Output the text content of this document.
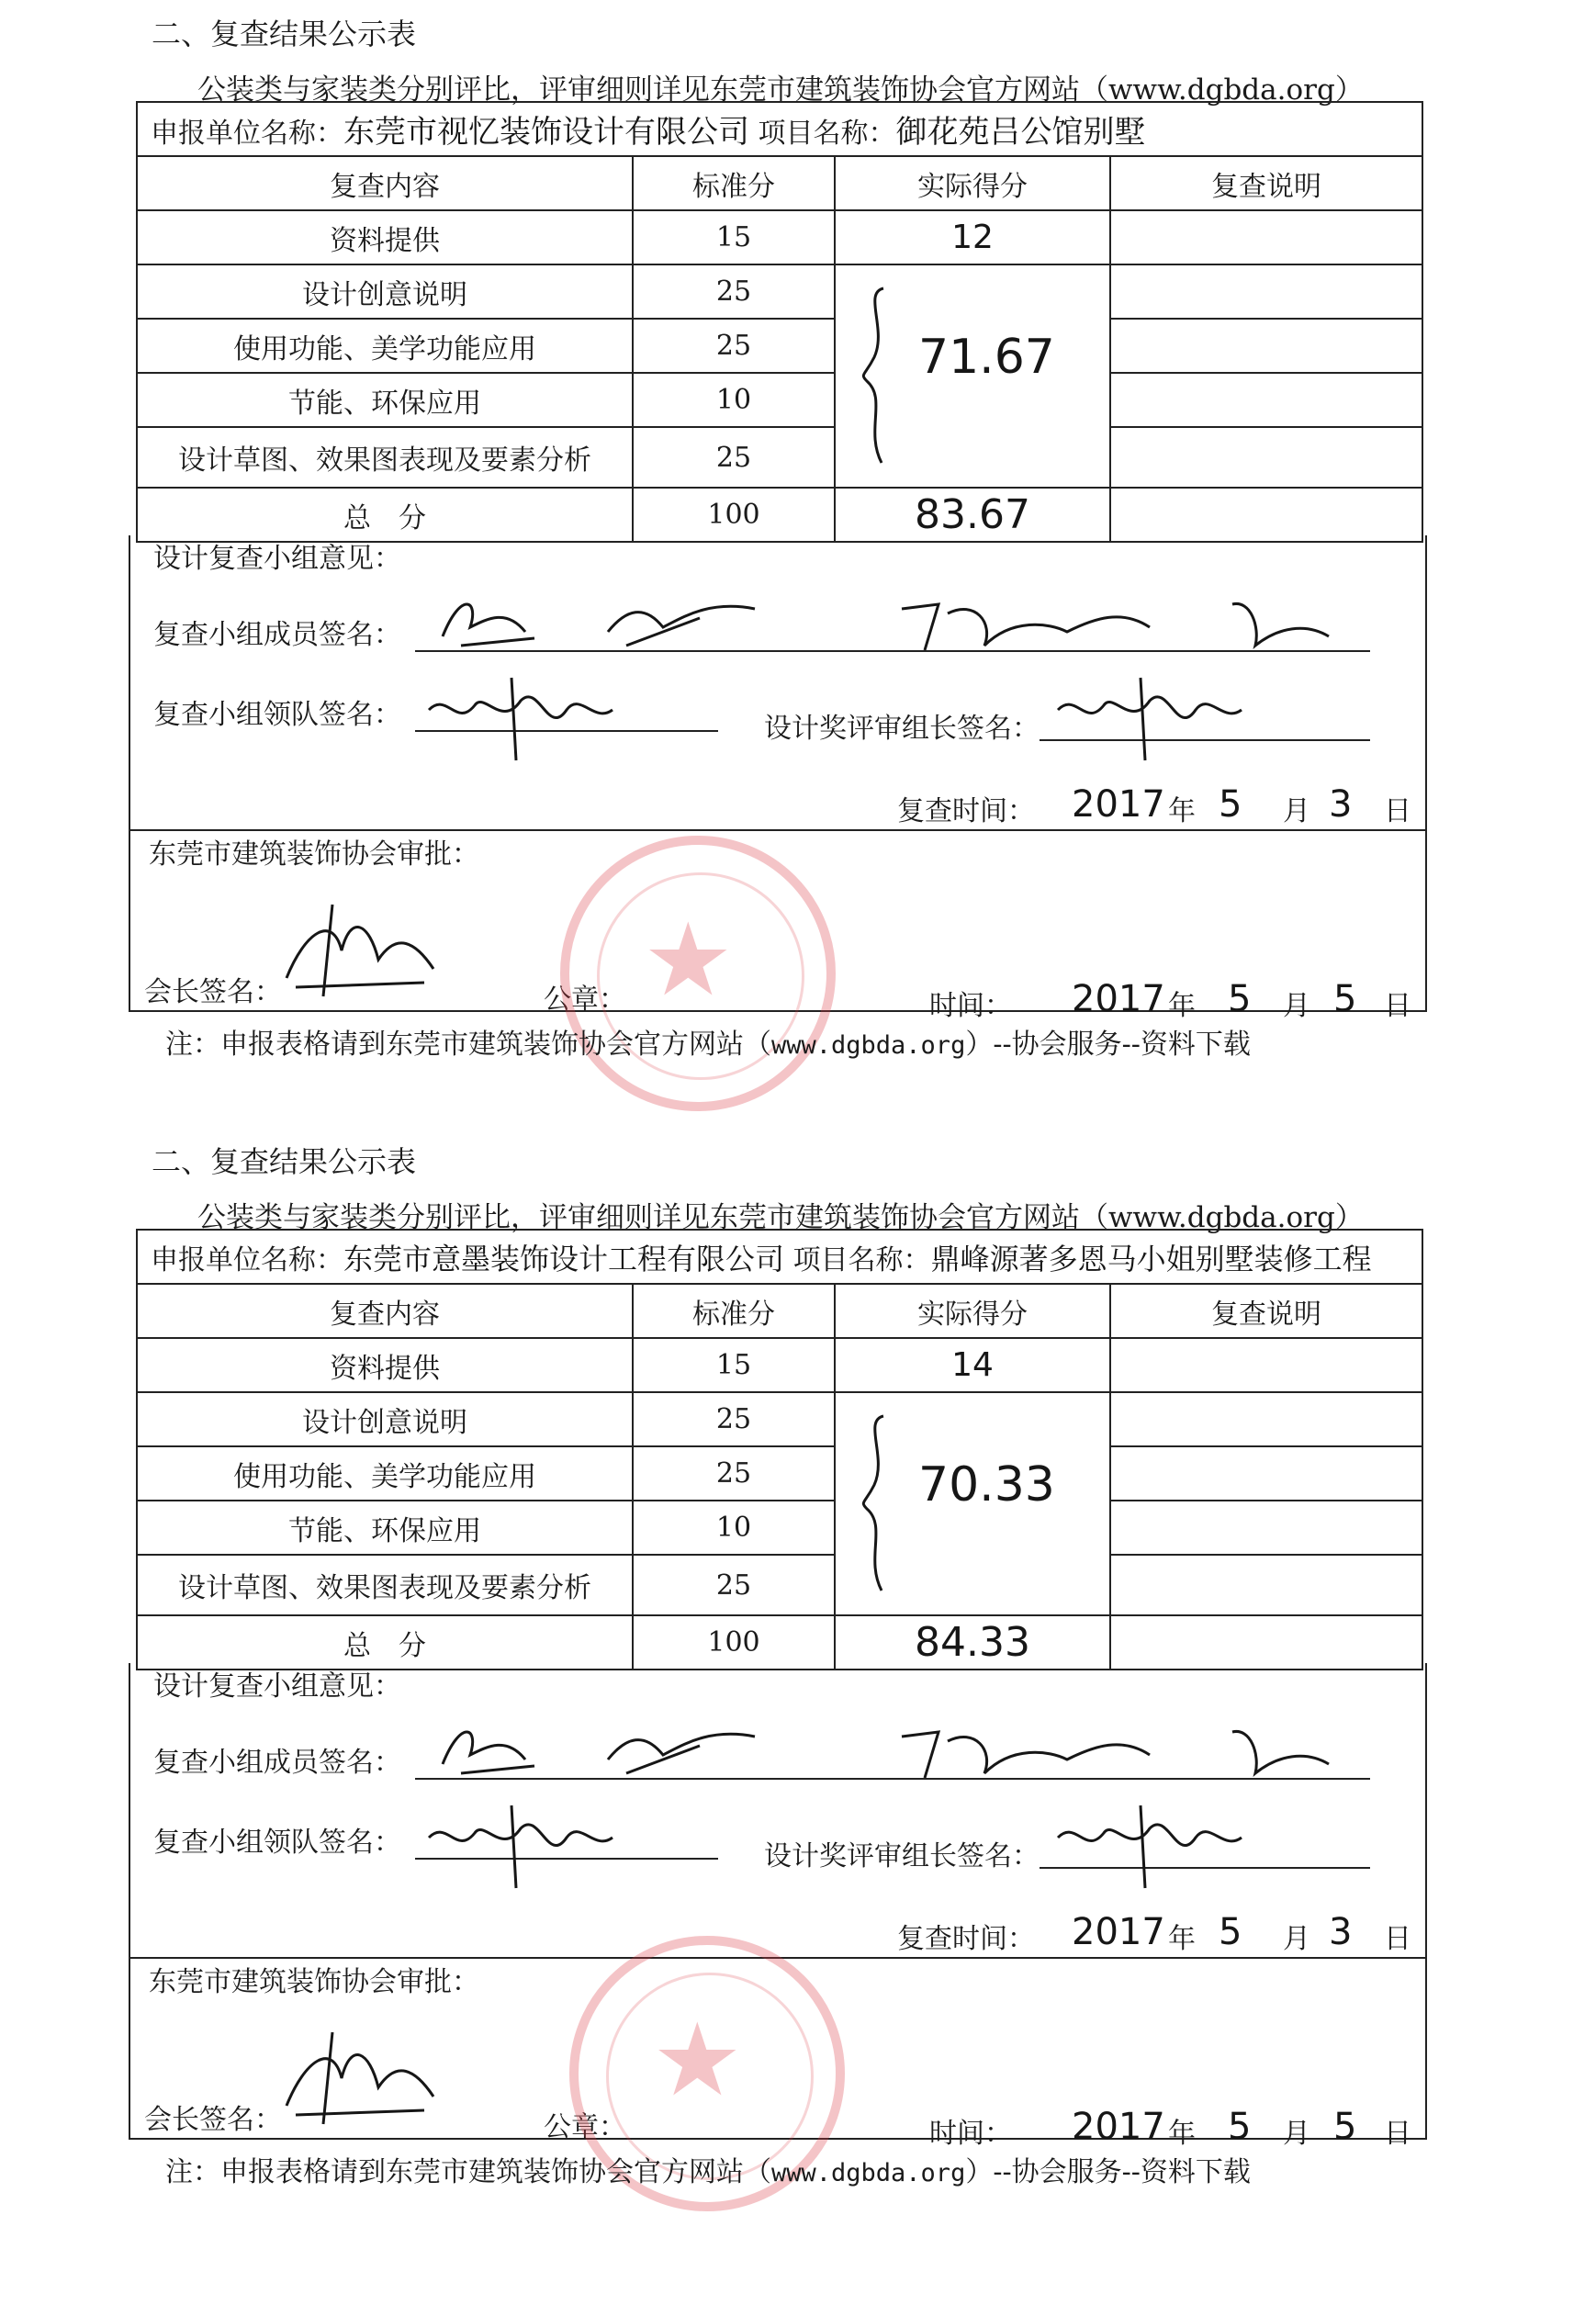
二、复查结果公示表
公装类与家装类分别评比，评审细则详见东莞市建筑装饰协会官方网站（www.dgbda.org）
申报单位名称：东莞市视忆装饰设计有限公司 项目名称：御花苑吕公馆别墅			
复查内容	标准分	实际得分	复查说明
资料提供	15	12	
设计创意说明	25	71.67	

使用功能、美学功能应用	25		
节能、环保应用	10		
设计草图、效果图表现及要素分析	25		
总　分	100	83.67	
设计复查小组意见：
复查小组成员签名：
复查小组领队签名：	设计奖评审组长签名：
复查时间： 2017 年 5 月 3 日
东莞市建筑装饰协会审批：
会长签名：	公章：	时间： 2017 年 5 月 5 日
★
注：申报表格请到东莞市建筑装饰协会官方网站（www.dgbda.org）--协会服务--资料下载
二、复查结果公示表
公装类与家装类分别评比，评审细则详见东莞市建筑装饰协会官方网站（www.dgbda.org）
申报单位名称：东莞市意墨装饰设计工程有限公司 项目名称：鼎峰源著多恩马小姐别墅装修工程			
复查内容	标准分	实际得分	复查说明
资料提供	15	14	
设计创意说明	25	70.33	

使用功能、美学功能应用	25		
节能、环保应用	10		
设计草图、效果图表现及要素分析	25		
总　分	100	84.33	
设计复查小组意见：
复查小组成员签名：
复查小组领队签名：	设计奖评审组长签名：
复查时间： 2017 年 5 月 3 日
东莞市建筑装饰协会审批：
会长签名：	公章：	时间： 2017 年 5 月 5 日
★
注：申报表格请到东莞市建筑装饰协会官方网站（www.dgbda.org）--协会服务--资料下载
